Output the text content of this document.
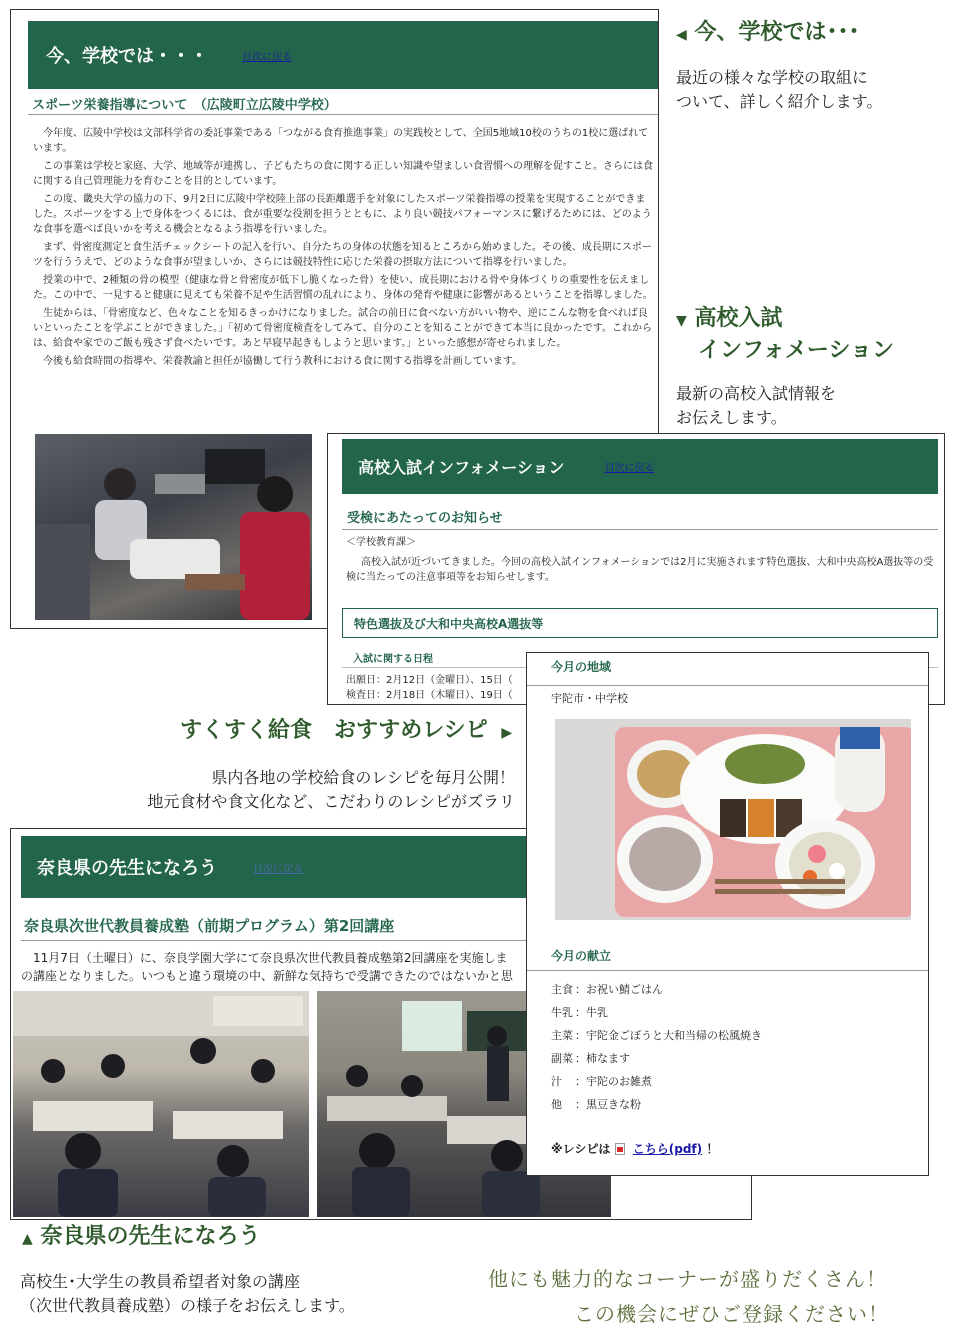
今、学校では・・・	目次に戻る
スポーツ栄養指導について　（広陵町立広陵中学校）

今年度、広陵中学校は文部科学省の委託事業である「つながる食育推進事業」の実践校として、全国5地域10校のうちの1校に選ばれています。

この事業は学校と家庭、大学、地域等が連携し、子どもたちの食に関する正しい知識や望ましい食習慣への理解を促すこと。さらには食に関する自己管理能力を育むことを目的としています。

この度、畿央大学の協力の下、9月2日に広陵中学校陸上部の長距離選手を対象にしたスポーツ栄養指導の授業を実現することができました。スポーツをする上で身体をつくるには、食が重要な役割を担うとともに、より良い競技パフォーマンスに繋げるためには、どのような食事を選べば良いかを考える機会となるよう指導を行いました。

まず、骨密度測定と食生活チェックシートの記入を行い、自分たちの身体の状態を知るところから始めました。その後、成長期にスポーツを行ううえで、どのような食事が望ましいか、さらには競技特性に応じた栄養の摂取方法について指導を行いました。

授業の中で、2種類の骨の模型（健康な骨と骨密度が低下し脆くなった骨）を使い、成長期における骨や身体づくりの重要性を伝えました。この中で、一見すると健康に見えても栄養不足や生活習慣の乱れにより、身体の発育や健康に影響があるということを指導しました。

生徒からは、「骨密度など、色々なことを知るきっかけになりました。試合の前日に食べない方がいい物や、逆にこんな物を食べれば良いといったことを学ぶことができました。」「初めて骨密度検査をしてみて、自分のことを知ることができて本当に良かったです。これからは、給食や家でのご飯も残さず食べたいです。あと早寝早起きもしようと思います。」といった感想が寄せられました。

今後も給食時間の指導や、栄養教諭と担任が協働して行う教科における食に関する指導を計画しています。

◀ 今、学校では･･･
最近の様々な学校の取組に
ついて、詳しく紹介します。
▼ 高校入試
インフォメーション
最新の高校入試情報を
お伝えします。
高校入試インフォメーション	目次に戻る
受検にあたってのお知らせ
＜学校教育課＞
高校入試が近づいてきました。今回の高校入試インフォメーションでは2月に実施されます特色選抜、大和中央高校A選抜等の受検に当たっての注意事項等をお知らせします。
特色選抜及び大和中央高校A選抜等
入試に関する日程
出願日：2月12日（金曜日）、15日（
検査日：2月18日（木曜日）、19日（
すくすく給食　おすすめレシピ ▶
県内各地の学校給食のレシピを毎月公開！
地元食材や食文化など、こだわりのレシピがズラリ
奈良県の先生になろう	目次に戻る
奈良県次世代教員養成塾（前期プログラム）第2回講座
11月7日（土曜日）に、奈良学園大学にて奈良県次世代教員養成塾第2回講座を実施しま
の講座となりました。いつもと違う環境の中、新鮮な気持ちで受講できたのではないかと思
今月の地域
宇陀市・中学校
今月の献立
主食 ：お祝い鯖ごはん
牛乳 ：牛乳
主菜 ：宇陀金ごぼうと大和当帰の松風焼き
副菜 ：柿なます
汁 ：宇陀のお雑煮
他 ：黒豆きな粉
※レシピは こちら(pdf) ！
▲ 奈良県の先生になろう
高校生･大学生の教員希望者対象の講座
（次世代教員養成塾）の様子をお伝えします。
他にも魅力的なコーナーが盛りだくさん！
この機会にぜひご登録ください！
